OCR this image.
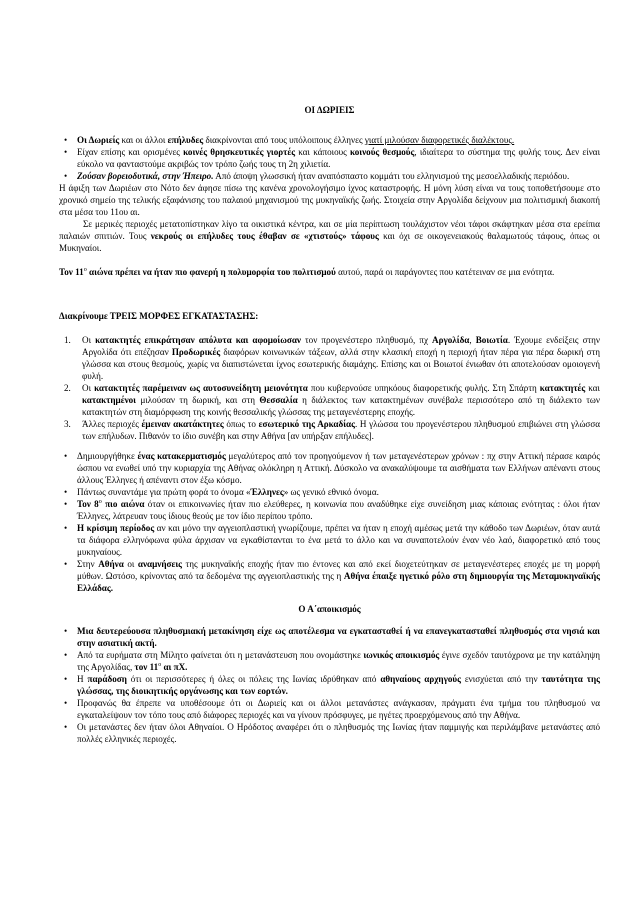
ΟΙ ΔΩΡΙΕΙΣ

• Οι Δωριείς και οι άλλοι επήλυδες διακρίνονται από τους υπόλοιπους έλληνες γιατί μιλούσαν διαφορετικές διαλέκτους.
• Είχαν επίσης και ορισμένες κοινές θρησκευτικές γιορτές και κάποιους κοινούς θεσμούς, ιδιαίτερα το σύστημα της φυλής τους. Δεν είναι εύκολο να φανταστούμε ακριβώς τον τρόπο ζωής τους τη 2η χιλιετία.
• Ζούσαν βορειοδυτικά, στην Ήπειρο. Από άποψη γλωσσική ήταν αναπόσπαστο κομμάτι του ελληνισμού της μεσοελλαδικής περιόδου.

Η άφιξη των Δωριέων στο Νότο δεν άφησε πίσω της κανένα χρονολογήσιμο ίχνος καταστροφής. Η μόνη λύση είναι να τους τοποθετήσουμε στο χρονικό σημείο της τελικής εξαφάνισης του παλαιού μηχανισμού της μυκηναϊκής ζωής. Στοιχεία στην Αργολίδα δείχνουν μια πολιτισμική διακοπή στα μέσα του 11ου αι.

Σε μερικές περιοχές μετατοπίστηκαν λίγο τα οικιστικά κέντρα, και σε μία περίπτωση τουλάχιστον νέοι τάφοι σκάφτηκαν μέσα στα ερείπια παλαιών σπιτιών. Τους νεκρούς οι επήλυδες τους έθαβαν σε «χτιστούς» τάφους και όχι σε οικογενειακούς θαλαμωτούς τάφους, όπως οι Μυκηναίοι.

Τον $11^o$ αιώνα πρέπει να ήταν πιο φανερή η πολυμορφία του πολιτισμού αυτού, παρά οι παράγοντες που κατέτειναν σε μια ενότητα.

Διακρίνουμε ΤΡΕΙΣ ΜΟΡΦΕΣ ΕΓΚΑΤΑΣΤΑΣΗΣ:

1. Οι κατακτητές επικράτησαν απόλυτα και αφομοίωσαν τον προγενέστερο πληθυσμό, πχ Αργολίδα, Βοιωτία. Έχουμε ενδείξεις στην Αργολίδα ότι επέζησαν Προδωρικές διαφόρων κοινωνικών τάξεων, αλλά στην κλασική εποχή η περιοχή ήταν πέρα για πέρα δωρική στη γλώσσα και στους θεσμούς, χωρίς να διαπιστώνεται ίχνος εσωτερικής διαμάχης. Επίσης και οι Βοιωτοί ένιωθαν ότι αποτελούσαν ομοιογενή φυλή.
2. Οι κατακτητές παρέμειναν ως αυτοσυνείδητη μειονότητα που κυβερνούσε υπηκόους διαφορετικής φυλής. Στη Σπάρτη κατακτητές και κατακτημένοι μιλούσαν τη δωρική, και στη Θεσσαλία η διάλεκτος των κατακτημένων συνέβαλε περισσότερο από τη διάλεκτο των κατακτητών στη διαμόρφωση της κοινής θεσσαλικής γλώσσας της μεταγενέστερης εποχής.
3. Άλλες περιοχές έμειναν ακατάκτητες όπως το εσωτερικό της Αρκαδίας. Η γλώσσα του προγενέστερου πληθυσμού επιβιώνει στη γλώσσα των επήλυδων. Πιθανόν το ίδιο συνέβη και στην Αθήνα [αν υπήρξαν επήλυδες].
• Δημιουργήθηκε ένας κατακερματισμός μεγαλύτερος από τον προηγούμενον ή των μεταγενέστερων χρόνων : πχ στην Αττική πέρασε καιρός ώσπου να ενωθεί υπό την κυριαρχία της Αθήνας ολόκληρη η Αττική. Δύσκολο να ανακαλύψουμε τα αισθήματα των Ελλήνων απέναντι στους άλλους Έλληνες ή απέναντι στον έξω κόσμο.
• Πάντως συναντάμε για πρώτη φορά το όνομα «Έλληνες» ως γενικό εθνικό όνομα.
• Τον $8^o$ πιο αιώνα όταν οι επικοινωνίες ήταν πιο ελεύθερες, η κοινωνία που αναδύθηκε είχε συνείδηση μιας κάποιας ενότητας : όλοι ήταν Έλληνες, λάτρευαν τους ίδιους θεούς με τον ίδιο περίπου τρόπο.
• Η κρίσιμη περίοδος αν και μόνο την αγγειοπλαστική γνωρίζουμε, πρέπει να ήταν η εποχή αμέσως μετά την κάθοδο των Δωριέων, όταν αυτά τα διάφορα ελληνόφωνα φύλα άρχισαν να εγκαθίστανται το ένα μετά το άλλο και να συναποτελούν έναν νέο λαό, διαφορετικό από τους μυκηναίους.
• Στην Αθήνα οι αναμνήσεις της μυκηναϊκής εποχής ήταν πιο έντονες και από εκεί διοχετεύτηκαν σε μεταγενέστερες εποχές με τη μορφή μύθων. Ωστόσο, κρίνοντας από τα δεδομένα της αγγειοπλαστικής της η Αθήνα έπαιξε ηγετικό ρόλο στη δημιουργία της Μεταμυκηναϊκής Ελλάδας.

Ο Α΄αποικισμός

• Μια δευτερεύουσα πληθυσμιακή μετακίνηση είχε ως αποτέλεσμα να εγκατασταθεί ή να επανεγκατασταθεί πληθυσμός στα νησιά και στην ασιατική ακτή.
• Από τα ευρήματα στη Μίλητο φαίνεται ότι η μετανάστευση που ονομάστηκε ιωνικός αποικισμός έγινε σχεδόν ταυτόχρονα με την κατάληψη της Αργολίδας, τον $11^o$ αι πΧ.
• Η παράδοση ότι οι περισσότερες ή όλες οι πόλεις της Ιωνίας ιδρύθηκαν από αθηναίους αρχηγούς ενισχύεται από την ταυτότητα της γλώσσας, της διοικητικής οργάνωσης και των εορτών.
• Προφανώς θα έπρεπε να υποθέσουμε ότι οι Δωριείς και οι άλλοι μετανάστες ανάγκασαν, πράγματι ένα τμήμα του πληθυσμού να εγκαταλείψουν τον τόπο τους από διάφορες περιοχές και να γίνουν πρόσφυγες, με ηγέτες προερχόμενους από την Αθήνα.
• Οι μετανάστες δεν ήταν όλοι Αθηναίοι. Ο Ηρόδοτος αναφέρει ότι ο πληθυσμός της Ιωνίας ήταν παμμιγής και περιλάμβανε μετανάστες από πολλές ελληνικές περιοχές.
